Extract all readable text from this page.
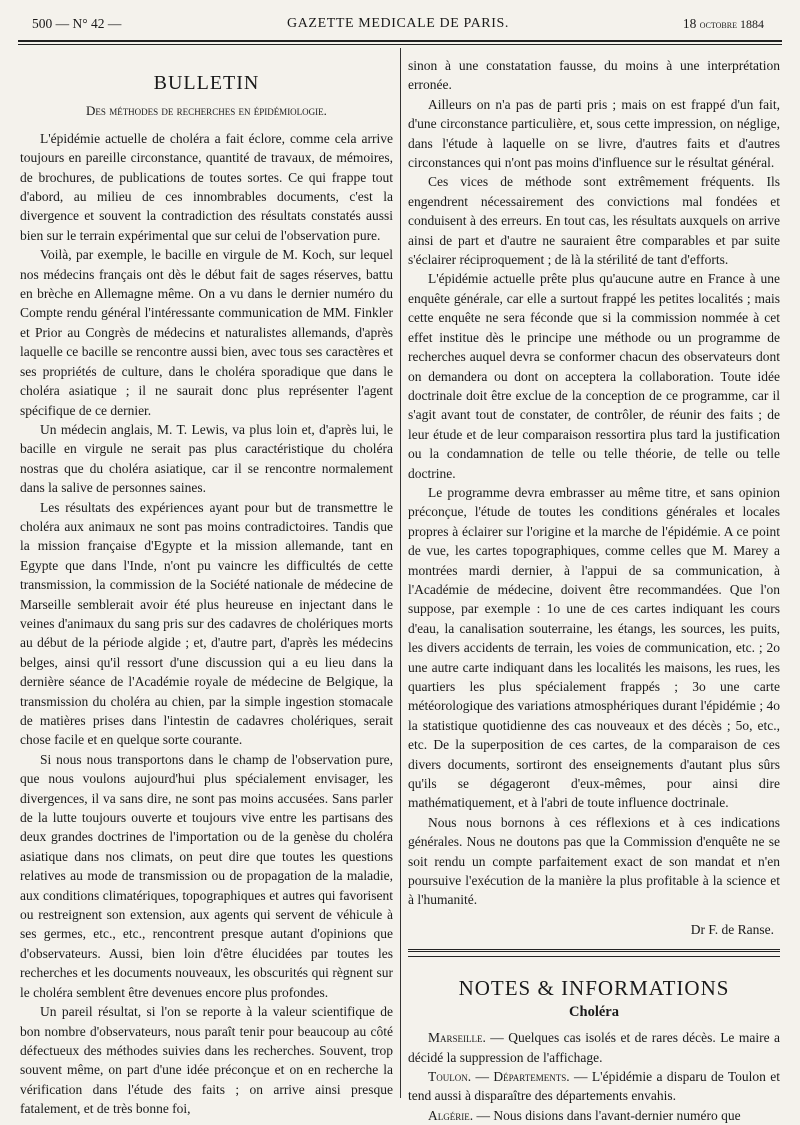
500 — N° 42 —	GAZETTE MEDICALE DE PARIS.	18 octobre 1884
BULLETIN
Des méthodes de recherches en épidémiologie.

L'épidémie actuelle de choléra a fait éclore, comme cela arrive toujours en pareille circonstance, quantité de travaux, de mémoires, de brochures, de publications de toutes sortes. Ce qui frappe tout d'abord, au milieu de ces innombrables documents, c'est la divergence et souvent la contradiction des résultats constatés aussi bien sur le terrain expérimental que sur celui de l'observation pure.

Voilà, par exemple, le bacille en virgule de M. Koch, sur lequel nos médecins français ont dès le début fait de sages réserves, battu en brèche en Allemagne même. On a vu dans le dernier numéro du Compte rendu général l'intéressante communication de MM. Finkler et Prior au Congrès de médecins et naturalistes allemands, d'après laquelle ce bacille se rencontre aussi bien, avec tous ses caractères et ses propriétés de culture, dans le choléra sporadique que dans le choléra asiatique ; il ne saurait donc plus représenter l'agent spécifique de ce dernier.

Un médecin anglais, M. T. Lewis, va plus loin et, d'après lui, le bacille en virgule ne serait pas plus caractéristique du choléra nostras que du choléra asiatique, car il se rencontre normalement dans la salive de personnes saines.

Les résultats des expériences ayant pour but de transmettre le choléra aux animaux ne sont pas moins contradictoires. Tandis que la mission française d'Egypte et la mission allemande, tant en Egypte que dans l'Inde, n'ont pu vaincre les difficultés de cette transmission, la commission de la Société nationale de médecine de Marseille semblerait avoir été plus heureuse en injectant dans le veines d'animaux du sang pris sur des cadavres de cholériques morts au début de la période algide ; et, d'autre part, d'après les médecins belges, ainsi qu'il ressort d'une discussion qui a eu lieu dans la dernière séance de l'Académie royale de médecine de Belgique, la transmission du choléra au chien, par la simple ingestion stomacale de matières prises dans l'intestin de cadavres cholériques, serait chose facile et en quelque sorte courante.

Si nous nous transportons dans le champ de l'observation pure, que nous voulons aujourd'hui plus spécialement envisager, les divergences, il va sans dire, ne sont pas moins accusées. Sans parler de la lutte toujours ouverte et toujours vive entre les partisans des deux grandes doctrines de l'importation ou de la genèse du choléra asiatique dans nos climats, on peut dire que toutes les questions relatives au mode de transmission ou de propagation de la maladie, aux conditions climatériques, topographiques et autres qui favorisent ou restreignent son extension, aux agents qui servent de véhicule à ses germes, etc., etc., rencontrent presque autant d'opinions que d'observateurs. Aussi, bien loin d'être élucidées par toutes les recherches et les documents nouveaux, les obscurités qui règnent sur le choléra semblent être devenues encore plus profondes.

Un pareil résultat, si l'on se reporte à la valeur scientifique de bon nombre d'observateurs, nous paraît tenir pour beaucoup au côté défectueux des méthodes suivies dans les recherches. Souvent, trop souvent même, on part d'une idée préconçue et on en recherche la vérification dans l'étude des faits ; on arrive ainsi presque fatalement, et de très bonne foi,

sinon à une constatation fausse, du moins à une interprétation erronée.

Ailleurs on n'a pas de parti pris ; mais on est frappé d'un fait, d'une circonstance particulière, et, sous cette impression, on néglige, dans l'étude à laquelle on se livre, d'autres faits et d'autres circonstances qui n'ont pas moins d'influence sur le résultat général.

Ces vices de méthode sont extrêmement fréquents. Ils engendrent nécessairement des convictions mal fondées et conduisent à des erreurs. En tout cas, les résultats auxquels on arrive ainsi de part et d'autre ne sauraient être comparables et par suite s'éclairer réciproquement ; de là la stérilité de tant d'efforts.

L'épidémie actuelle prête plus qu'aucune autre en France à une enquête générale, car elle a surtout frappé les petites localités ; mais cette enquête ne sera féconde que si la commission nommée à cet effet institue dès le principe une méthode ou un programme de recherches auquel devra se conformer chacun des observateurs dont on demandera ou dont on acceptera la collaboration. Toute idée doctrinale doit être exclue de la conception de ce programme, car il s'agit avant tout de constater, de contrôler, de réunir des faits ; de leur étude et de leur comparaison ressortira plus tard la justification ou la condamnation de telle ou telle théorie, de telle ou telle doctrine.

Le programme devra embrasser au même titre, et sans opinion préconçue, l'étude de toutes les conditions générales et locales propres à éclairer sur l'origine et la marche de l'épidémie. A ce point de vue, les cartes topographiques, comme celles que M. Marey a montrées mardi dernier, à l'appui de sa communication, à l'Académie de médecine, doivent être recommandées. Que l'on suppose, par exemple : 1o une de ces cartes indiquant les cours d'eau, la canalisation souterraine, les étangs, les sources, les puits, les divers accidents de terrain, les voies de communication, etc. ; 2o une autre carte indiquant dans les localités les maisons, les rues, les quartiers les plus spécialement frappés ; 3o une carte météorologique des variations atmosphériques durant l'épidémie ; 4o la statistique quotidienne des cas nouveaux et des décès ; 5o, etc., etc. De la superposition de ces cartes, de la comparaison de ces divers documents, sortiront des enseignements d'autant plus sûrs qu'ils se dégageront d'eux-mêmes, pour ainsi dire mathématiquement, et à l'abri de toute influence doctrinale.

Nous nous bornons à ces réflexions et à ces indications générales. Nous ne doutons pas que la Commission d'enquête ne se soit rendu un compte parfaitement exact de son mandat et n'en poursuive l'exécution de la manière la plus profitable à la science et à l'humanité.

Dr F. de Ranse.
NOTES & INFORMATIONS
Choléra

Marseille. — Quelques cas isolés et de rares décès. Le maire a décidé la suppression de l'affichage.

Toulon. — Départements. — L'épidémie a disparu de Toulon et tend aussi à disparaître des départements envahis.

Algérie. — Nous disions dans l'avant-dernier numéro que
